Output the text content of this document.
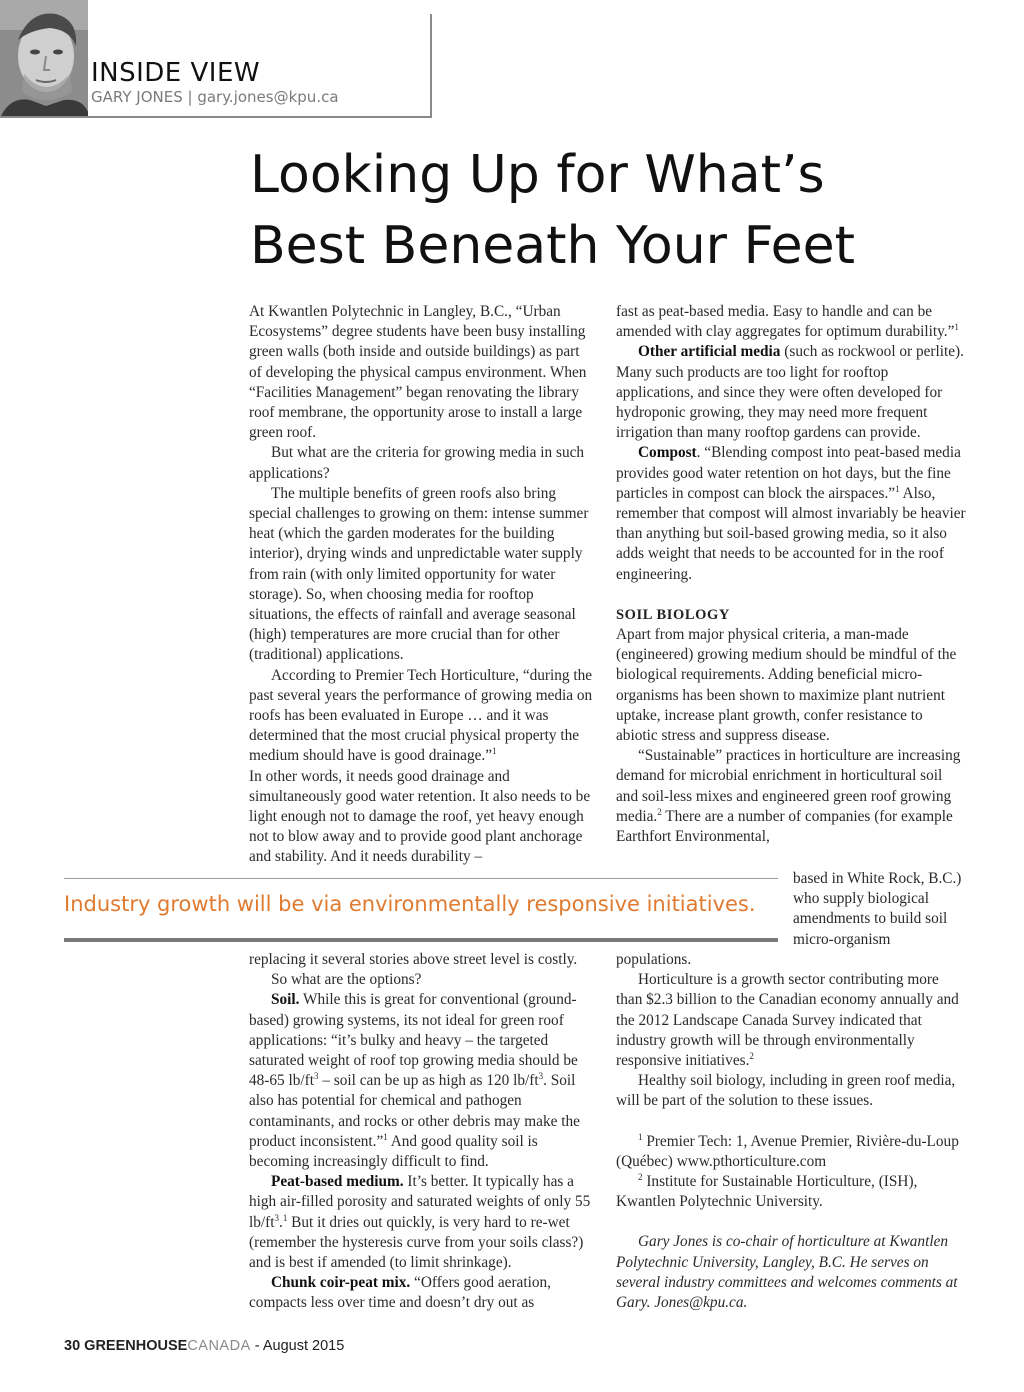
INSIDE VIEW
GARY JONES | gary.jones@kpu.ca
Looking Up for What’s
Best Beneath Your Feet

At Kwantlen Polytechnic in Langley, B.C., “Urban Ecosystems” degree students have been busy installing green walls (both inside and outside buildings) as part of developing the physical campus environment. When “Facilities Management” began renovating the library roof membrane, the opportunity arose to install a large green roof.

But what are the criteria for growing media in such applications?

The multiple benefits of green roofs also bring special challenges to growing on them: intense summer heat (which the garden moderates for the building interior), drying winds and unpredictable water supply from rain (with only limited opportunity for water storage). So, when choosing media for rooftop situations, the effects of rainfall and average seasonal (high) temperatures are more crucial than for other (traditional) applications.

According to Premier Tech Horticulture, “during the past several years the performance of growing media on roofs has been evaluated in Europe … and it was determined that the most crucial physical property the medium should have is good drainage.”$^1$

In other words, it needs good drainage and simultaneously good water retention. It also needs to be light enough not to damage the roof, yet heavy enough not to blow away and to provide good plant anchorage and stability. And it needs durability –

fast as peat-based media. Easy to handle and can be amended with clay aggregates for optimum durability.”$^1$

Other artificial media (such as rockwool or perlite). Many such products are too light for rooftop applications, and since they were often developed for hydroponic growing, they may need more frequent irrigation than many rooftop gardens can provide.

Compost. “Blending compost into peat-based media provides good water retention on hot days, but the fine particles in compost can block the airspaces.”$^1$ Also, remember that compost will almost invariably be heavier than anything but soil-based growing media, so it also adds weight that needs to be accounted for in the roof engineering.

SOIL BIOLOGY

Apart from major physical criteria, a man-made (engineered) growing medium should be mindful of the biological requirements. Adding beneficial micro-organisms has been shown to maximize plant nutrient uptake, increase plant growth, confer resistance to abiotic stress and suppress disease.

“Sustainable” practices in horticulture are increasing demand for microbial enrichment in horticultural soil and soil-less mixes and engineered green roof growing media.$^2$ There are a number of companies (for example Earthfort Environmental,

based in White Rock, B.C.) who supply biological amendments to build soil micro-organism
Industry growth will be via environmentally responsive initiatives.

replacing it several stories above street level is costly.

So what are the options?

Soil. While this is great for conventional (ground-based) growing systems, its not ideal for green roof applications: “it’s bulky and heavy – the targeted saturated weight of roof top growing media should be 48-65 $lb/ft^3$ – soil can be up as high as 120 $lb/ft^3$. Soil also has potential for chemical and pathogen contaminants, and rocks or other debris may make the product inconsistent.”$^1$ And good quality soil is becoming increasingly difficult to find.

Peat-based medium. It’s better. It typically has a high air-filled porosity and saturated weights of only 55 $lb/ft^3.^1$ But it dries out quickly, is very hard to re-wet (remember the hysteresis curve from your soils class?) and is best if amended (to limit shrinkage).

Chunk coir-peat mix. “Offers good aeration, compacts less over time and doesn’t dry out as

populations.

Horticulture is a growth sector contributing more than $2.3 billion to the Canadian economy annually and the 2012 Landscape Canada Survey indicated that industry growth will be through environmentally responsive initiatives.$^2$

Healthy soil biology, including in green roof media, will be part of the solution to these issues.

$^1$ Premier Tech: 1, Avenue Premier, Rivière-du-Loup (Québec) www.pthorticulture.com

$^2$ Institute for Sustainable Horticulture, (ISH), Kwantlen Polytechnic University.

Gary Jones is co-chair of horticulture at Kwantlen Polytechnic University, Langley, B.C. He serves on several industry committees and welcomes comments at Gary. Jones@kpu.ca.

30 GREENHOUSECANADA - August 2015
